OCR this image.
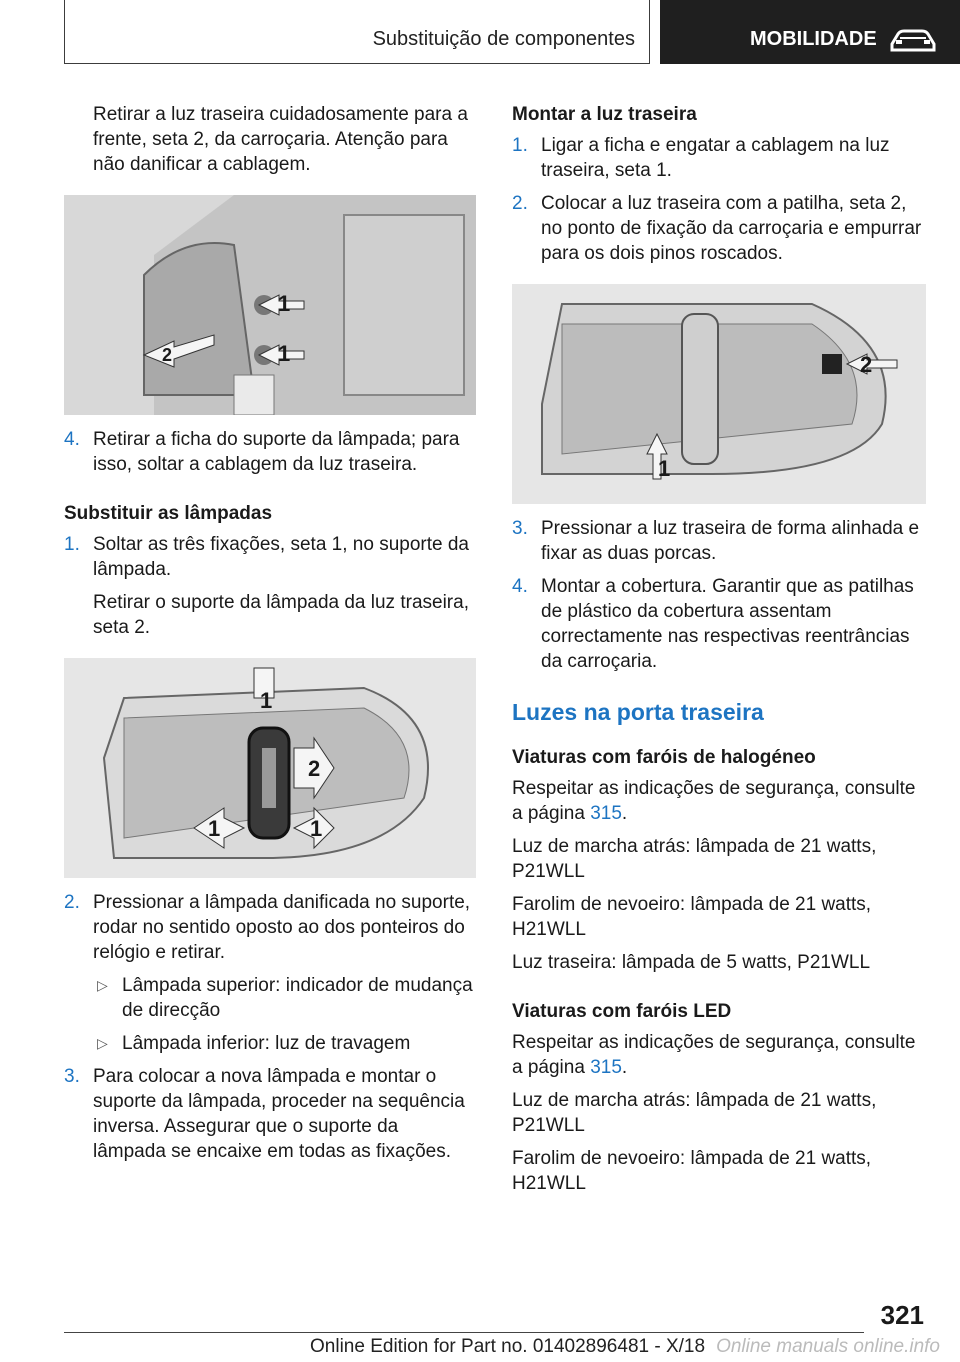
Substituição de componentes	MOBILIDADE

Retirar a luz traseira cuidadosamente para a frente, seta 2, da carroçaria. Atenção para não danificar a cablagem.

1
1
2
4. Retirar a ficha do suporte da lâmpada; para isso, soltar a cablagem da luz traseira.
Substituir as lâmpadas
1. Soltar as três fixações, seta 1, no suporte da lâmpada.

Retirar o suporte da lâmpada da luz traseira, seta 2.

1
2
1	1
2. Pressionar a lâmpada danificada no suporte, rodar no sentido oposto ao dos ponteiros do relógio e retirar.
▷ Lâmpada superior: indicador de mudança de direcção
▷ Lâmpada inferior: luz de travagem
3. Para colocar a nova lâmpada e montar o suporte da lâmpada, proceder na sequência inversa. Assegurar que o suporte da lâmpada se encaixe em todas as fixações.
Montar a luz traseira
1. Ligar a ficha e engatar a cablagem na luz traseira, seta 1.
2. Colocar a luz traseira com a patilha, seta 2, no ponto de fixação da carroçaria e empurrar para os dois pinos roscados.
2
1
3. Pressionar a luz traseira de forma alinhada e fixar as duas porcas.
4. Montar a cobertura. Garantir que as patilhas de plástico da cobertura assentam correctamente nas respectivas reentrâncias da carroçaria.
Luzes na porta traseira
Viaturas com faróis de halogéneo

Respeitar as indicações de segurança, consulte a página 315.

Luz de marcha atrás: lâmpada de 21 watts, P21WLL

Farolim de nevoeiro: lâmpada de 21 watts, H21WLL

Luz traseira: lâmpada de 5 watts, P21WLL

Viaturas com faróis LED

Respeitar as indicações de segurança, consulte a página 315.

Luz de marcha atrás: lâmpada de 21 watts, P21WLL

Farolim de nevoeiro: lâmpada de 21 watts, H21WLL

321
Online Edition for Part no. 01402896481 - X/18 Online manuals online.info
